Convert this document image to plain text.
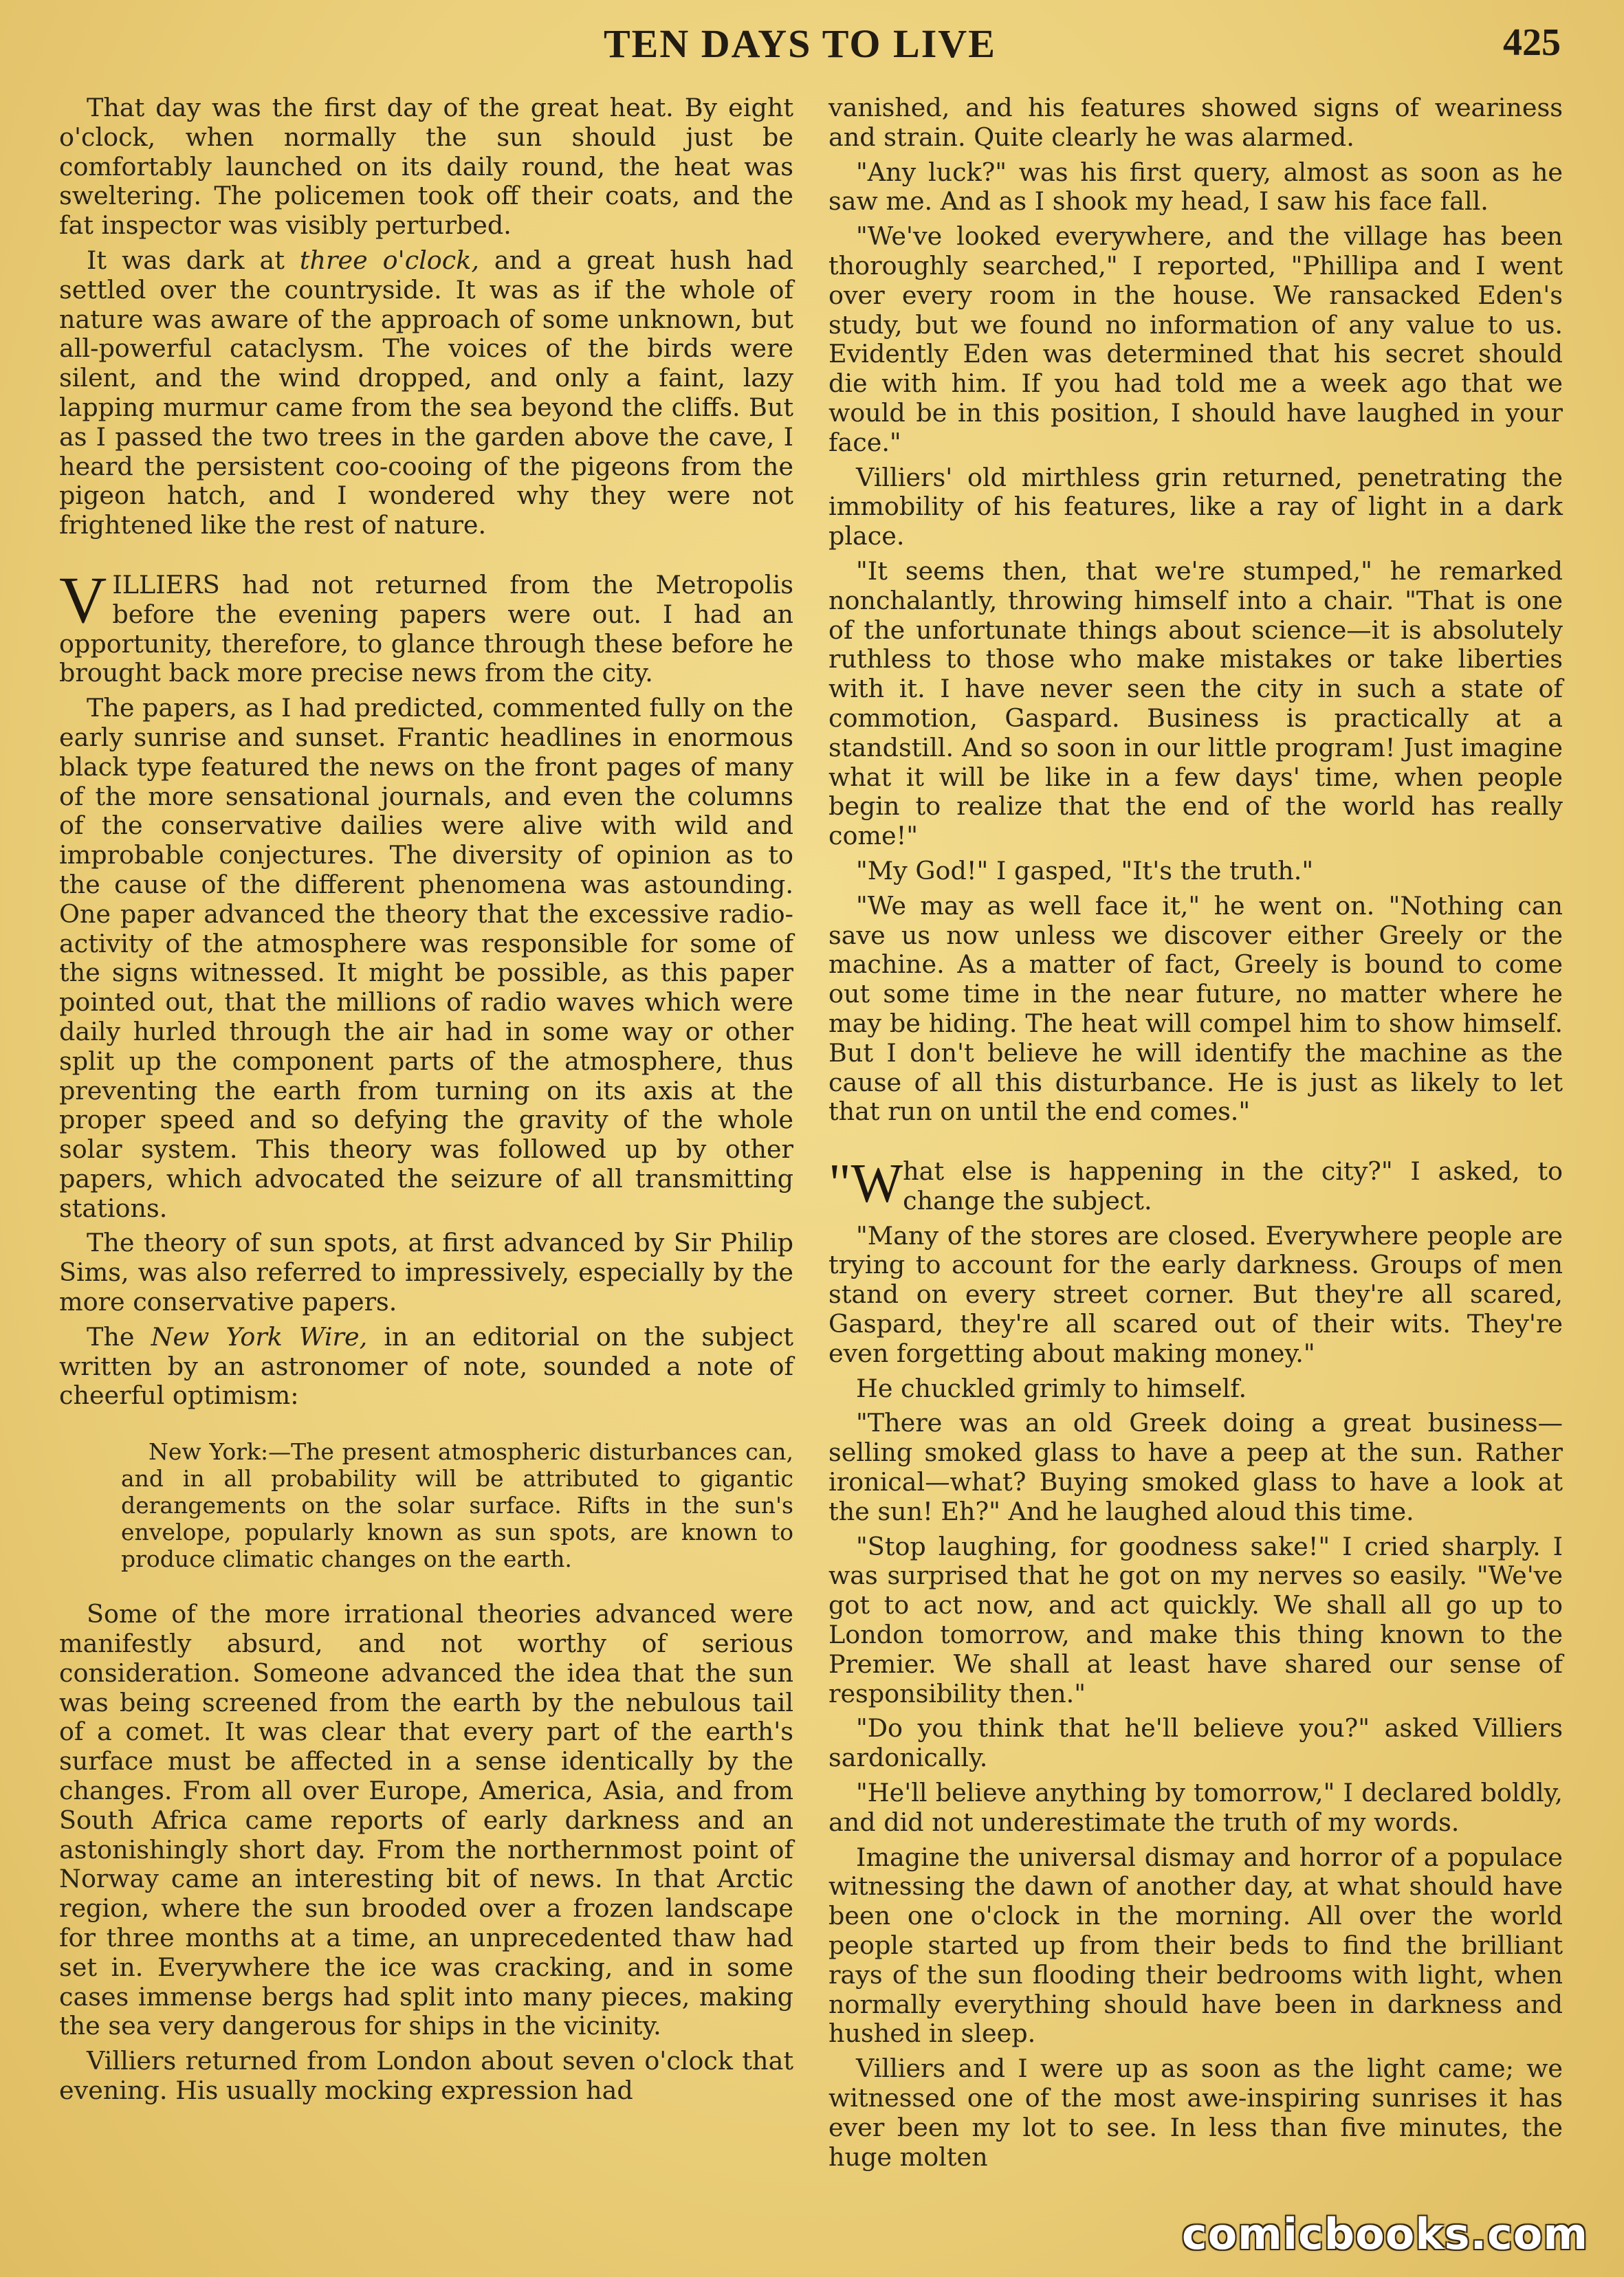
TEN DAYS TO LIVE	425

That day was the first day of the great heat. By eight o'clock, when normally the sun should just be comfortably launched on its daily round, the heat was sweltering. The policemen took off their coats, and the fat inspector was visibly perturbed.

It was dark at three o'clock, and a great hush had settled over the countryside. It was as if the whole of nature was aware of the approach of some unknown, but all-powerful cataclysm. The voices of the birds were silent, and the wind dropped, and only a faint, lazy lapping murmur came from the sea beyond the cliffs. But as I passed the two trees in the garden above the cave, I heard the persistent coo-cooing of the pigeons from the pigeon hatch, and I wondered why they were not frightened like the rest of nature.

VILLIERS had not returned from the Metropolis before the evening papers were out. I had an opportunity, therefore, to glance through these before he brought back more precise news from the city.

The papers, as I had predicted, commented fully on the early sunrise and sunset. Frantic headlines in enormous black type featured the news on the front pages of many of the more sensational journals, and even the columns of the conservative dailies were alive with wild and improbable conjectures. The diversity of opinion as to the cause of the different phenomena was astounding. One paper advanced the theory that the excessive radio-activity of the atmosphere was responsible for some of the signs witnessed. It might be possible, as this paper pointed out, that the millions of radio waves which were daily hurled through the air had in some way or other split up the component parts of the atmosphere, thus preventing the earth from turning on its axis at the proper speed and so defying the gravity of the whole solar system. This theory was followed up by other papers, which advocated the seizure of all transmitting stations.

The theory of sun spots, at first advanced by Sir Philip Sims, was also referred to impressively, especially by the more conservative papers.

The New York Wire, in an editorial on the subject written by an astronomer of note, sounded a note of cheerful optimism:

New York:—The present atmospheric disturbances can, and in all probability will be attributed to gigantic derangements on the solar surface. Rifts in the sun's envelope, popularly known as sun spots, are known to produce climatic changes on the earth.

Some of the more irrational theories advanced were manifestly absurd, and not worthy of serious consideration. Someone advanced the idea that the sun was being screened from the earth by the nebulous tail of a comet. It was clear that every part of the earth's surface must be affected in a sense identically by the changes. From all over Europe, America, Asia, and from South Africa came reports of early darkness and an astonishingly short day. From the northernmost point of Norway came an interesting bit of news. In that Arctic region, where the sun brooded over a frozen landscape for three months at a time, an unprecedented thaw had set in. Everywhere the ice was cracking, and in some cases immense bergs had split into many pieces, making the sea very dangerous for ships in the vicinity.

Villiers returned from London about seven o'clock that evening. His usually mocking expression had

vanished, and his features showed signs of weariness and strain. Quite clearly he was alarmed.

"Any luck?" was his first query, almost as soon as he saw me. And as I shook my head, I saw his face fall.

"We've looked everywhere, and the village has been thoroughly searched," I reported, "Phillipa and I went over every room in the house. We ransacked Eden's study, but we found no information of any value to us. Evidently Eden was determined that his secret should die with him. If you had told me a week ago that we would be in this position, I should have laughed in your face."

Villiers' old mirthless grin returned, penetrating the immobility of his features, like a ray of light in a dark place.

"It seems then, that we're stumped," he remarked nonchalantly, throwing himself into a chair. "That is one of the unfortunate things about science—it is absolutely ruthless to those who make mistakes or take liberties with it. I have never seen the city in such a state of commotion, Gaspard. Business is practically at a standstill. And so soon in our little program! Just imagine what it will be like in a few days' time, when people begin to realize that the end of the world has really come!"

"My God!" I gasped, "It's the truth."

"We may as well face it," he went on. "Nothing can save us now unless we discover either Greely or the machine. As a matter of fact, Greely is bound to come out some time in the near future, no matter where he may be hiding. The heat will compel him to show himself. But I don't believe he will identify the machine as the cause of all this disturbance. He is just as likely to let that run on until the end comes."

"What else is happening in the city?" I asked, to change the subject.

"Many of the stores are closed. Everywhere people are trying to account for the early darkness. Groups of men stand on every street corner. But they're all scared, Gaspard, they're all scared out of their wits. They're even forgetting about making money."

He chuckled grimly to himself.

"There was an old Greek doing a great business—selling smoked glass to have a peep at the sun. Rather ironical—what? Buying smoked glass to have a look at the sun! Eh?" And he laughed aloud this time.

"Stop laughing, for goodness sake!" I cried sharply. I was surprised that he got on my nerves so easily. "We've got to act now, and act quickly. We shall all go up to London tomorrow, and make this thing known to the Premier. We shall at least have shared our sense of responsibility then."

"Do you think that he'll believe you?" asked Villiers sardonically.

"He'll believe anything by tomorrow," I declared boldly, and did not underestimate the truth of my words.

Imagine the universal dismay and horror of a populace witnessing the dawn of another day, at what should have been one o'clock in the morning. All over the world people started up from their beds to find the brilliant rays of the sun flooding their bedrooms with light, when normally everything should have been in darkness and hushed in sleep.

Villiers and I were up as soon as the light came; we witnessed one of the most awe-inspiring sunrises it has ever been my lot to see. In less than five minutes, the huge molten

comicbooks.com
